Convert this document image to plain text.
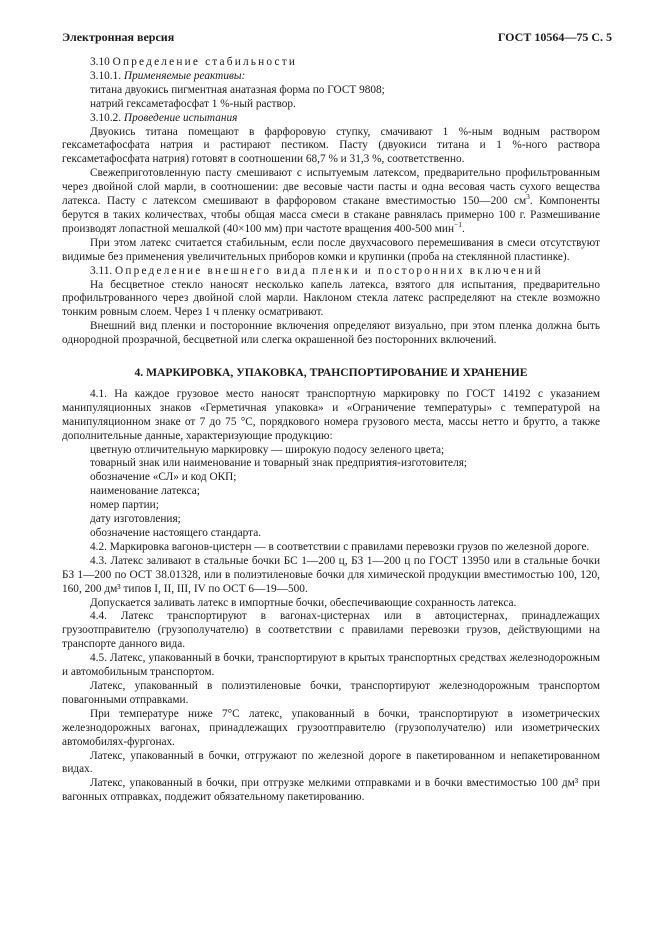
Электронная версия	ГОСТ 10564—75 С. 5

3.10 Определение стабильности

3.10.1. Применяемые реактивы:

титана двуокись пигментная анатазная форма по ГОСТ 9808;

натрий гексаметафосфат 1 %-ный раствор.

3.10.2. Проведение испытания

Двуокись титана помещают в фарфоровую ступку, смачивают 1 %-ным водным раствором гексаметафосфата натрия и растирают пестиком. Пасту (двуокиси титана и 1 %-ного раствора гексаметафосфата натрия) готовят в соотношении 68,7 % и 31,3 %, соответственно.

Свежеприготовленную пасту смешивают с испытуемым латексом, предварительно профильтрованным через двойной слой марли, в соотношении: две весовые части пасты и одна весовая часть сухого вещества латекса. Пасту с латексом смешивают в фарфоровом стакане вместимостью 150—200 $см^3$. Компоненты берутся в таких количествах, чтобы общая масса смеси в стакане равнялась примерно 100 г. Размешивание производят лопастной мешалкой (40×100 мм) при частоте вращения 400-500 мин$^{-1}$.

При этом латекс считается стабильным, если после двухчасового перемешивания в смеси отсутствуют видимые без применения увеличительных приборов комки и крупинки (проба на стеклянной пластинке).

3.11. Определение внешнего вида пленки и посторонних включений

На бесцветное стекло наносят несколько капель латекса, взятого для испытания, предварительно профильтрованного через двойной слой марли. Наклоном стекла латекс распределяют на стекле возможно тонким ровным слоем. Через 1 ч пленку осматривают.

Внешний вид пленки и посторонние включения определяют визуально, при этом пленка должна быть однородной прозрачной, бесцветной или слегка окрашенной без посторонних включений.

4. МАРКИРОВКА, УПАКОВКА, ТРАНСПОРТИРОВАНИЕ И ХРАНЕНИЕ

4.1. На каждое грузовое место наносят транспортную маркировку по ГОСТ 14192 с указанием манипуляционных знаков «Герметичная упаковка» и «Ограничение температуры» с температурой на манипуляционном знаке от 7 до 75 °С, порядкового номера грузового места, массы нетто и брутто, а также дополнительные данные, характеризующие продукцию:

цветную отличительную маркировку — широкую подосу зеленого цвета;

товарный знак или наименование и товарный знак предприятия-изготовителя;

обозначение «СЛ» и код ОКП;

наименование латекса;

номер партии;

дату изготовления;

обозначение настоящего стандарта.

4.2. Маркировка вагонов-цистерн — в соответствии с правилами перевозки грузов по железной дороге.

4.3. Латекс заливают в стальные бочки БС 1—200 ц, БЗ 1—200 ц по ГОСТ 13950 или в стальные бочки БЗ 1—200 по ОСТ 38.01328, или в полиэтиленовые бочки для химической продукции вместимостью 100, 120, 160, 200 дм³ типов I, II, III, IV по ОСТ 6—19—500.

Допускается заливать латекс в импортные бочки, обеспечивающие сохранность латекса.

4.4. Латекс транспортируют в вагонах-цистернах или в автоцистернах, принадлежащих грузоотправителю (грузополучателю) в соответствии с правилами перевозки грузов, действующими на транспорте данного вида.

4.5. Латекс, упакованный в бочки, транспортируют в крытых транспортных средствах железнодорожным и автомобильным транспортом.

Латекс, упакованный в полиэтиленовые бочки, транспортируют железнодорожным транспортом повагонными отправками.

При температуре ниже 7°С латекс, упакованный в бочки, транспортируют в изометрических железнодорожных вагонах, принадлежащих грузоотправителю (грузополучателю) или изометрических автомобилях-фургонах.

Латекс, упакованный в бочки, отгружают по железной дороге в пакетированном и непакетированном видах.

Латекс, упакованный в бочки, при отгрузке мелкими отправками и в бочки вместимостью 100 дм³ при вагонных отправках, поддежит обязательному пакетированию.
